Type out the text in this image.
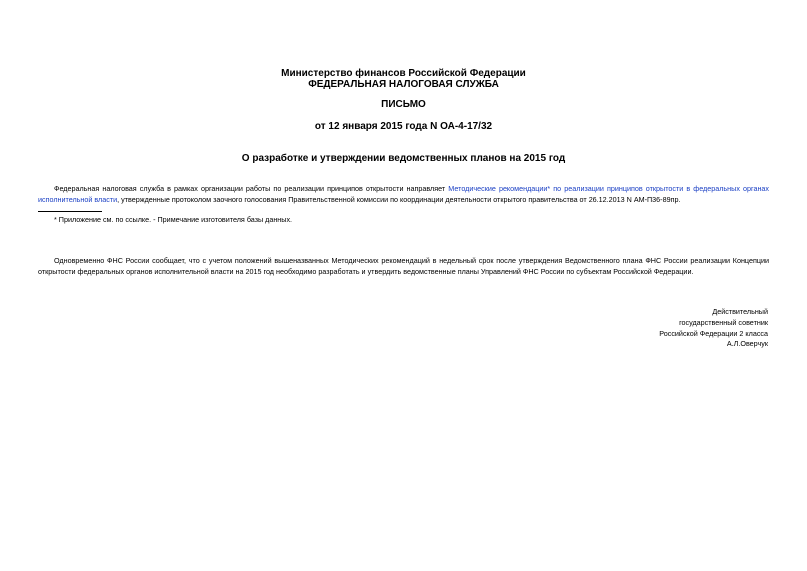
Министерство финансов Российской Федерации
ФЕДЕРАЛЬНАЯ НАЛОГОВАЯ СЛУЖБА
ПИСЬМО
от 12 января 2015 года N ОА-4-17/32
О разработке и утверждении ведомственных планов на 2015 год
Федеральная налоговая служба в рамках организации работы по реализации принципов открытости направляет Методические рекомендации* по реализации принципов открытости в федеральных органах исполнительной власти, утвержденные протоколом заочного голосования Правительственной комиссии по координации деятельности открытого правительства от 26.12.2013 N АМ-П36-89пр.
* Приложение см. по ссылке. - Примечание изготовителя базы данных.
Одновременно ФНС России сообщает, что с учетом положений вышеназванных Методических рекомендаций в недельный срок после утверждения Ведомственного плана ФНС России реализации Концепции открытости федеральных органов исполнительной власти на 2015 год необходимо разработать и утвердить ведомственные планы Управлений ФНС России по субъектам Российской Федерации.
Действительный
государственный советник
Российской Федерации 2 класса
А.Л.Оверчук
